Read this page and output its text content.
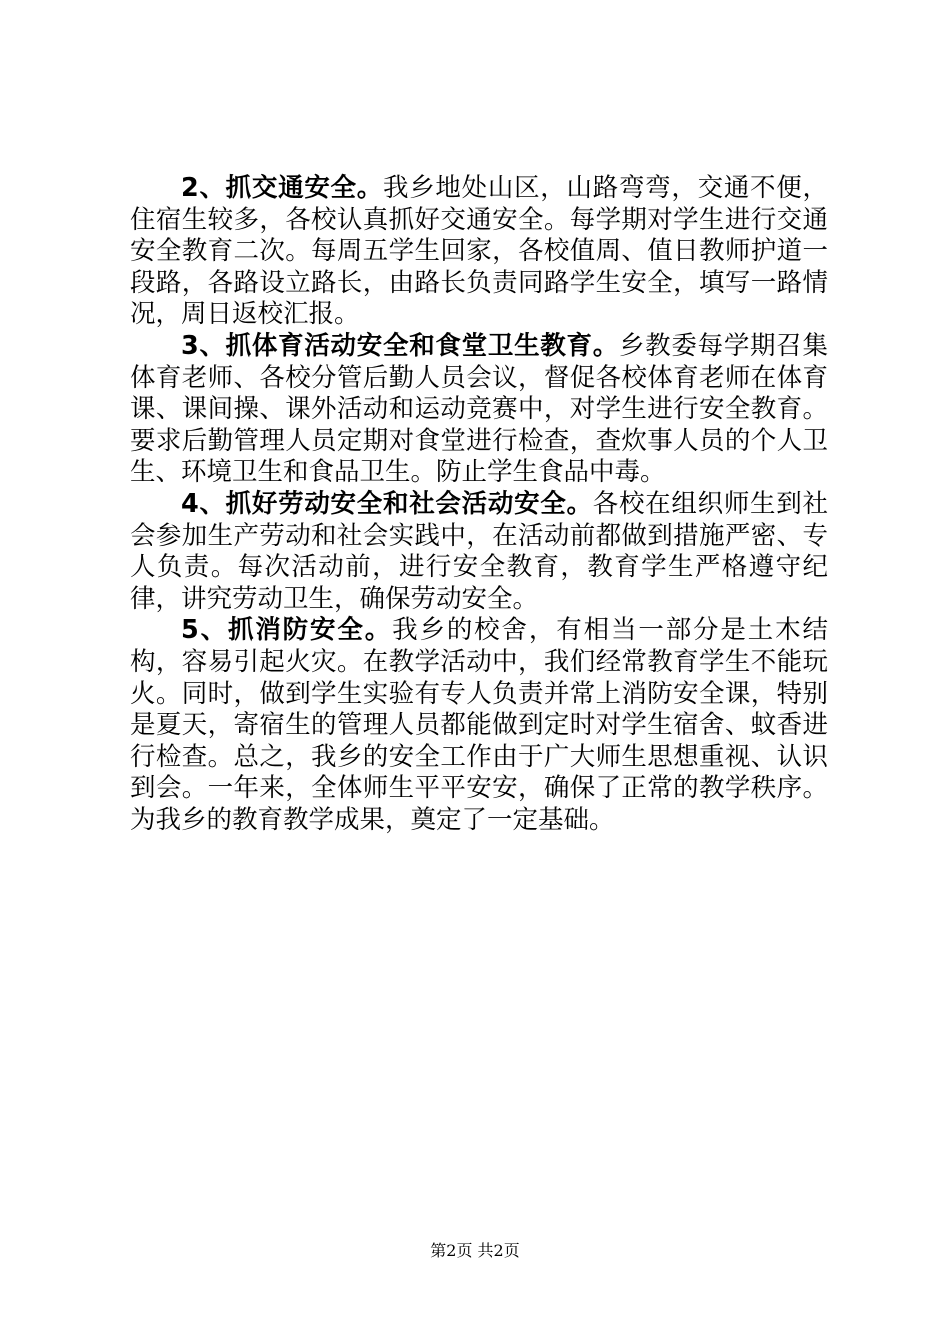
2、抓交通安全。我乡地处山区，山路弯弯，交通不便，住宿生较多，各校认真抓好交通安全。每学期对学生进行交通安全教育二次。每周五学生回家，各校值周、值日教师护道一段路，各路设立路长，由路长负责同路学生安全，填写一路情况，周日返校汇报。

3、抓体育活动安全和食堂卫生教育。乡教委每学期召集体育老师、各校分管后勤人员会议，督促各校体育老师在体育课、课间操、课外活动和运动竞赛中，对学生进行安全教育。要求后勤管理人员定期对食堂进行检查，查炊事人员的个人卫生、环境卫生和食品卫生。防止学生食品中毒。

4、抓好劳动安全和社会活动安全。各校在组织师生到社会参加生产劳动和社会实践中，在活动前都做到措施严密、专人负责。每次活动前，进行安全教育，教育学生严格遵守纪律，讲究劳动卫生，确保劳动安全。

5、抓消防安全。我乡的校舍，有相当一部分是土木结构，容易引起火灾。在教学活动中，我们经常教育学生不能玩火。同时，做到学生实验有专人负责并常上消防安全课，特别是夏天，寄宿生的管理人员都能做到定时对学生宿舍、蚊香进行检查。总之，我乡的安全工作由于广大师生思想重视、认识到会。一年来，全体师生平平安安，确保了正常的教学秩序。为我乡的教育教学成果，奠定了一定基础。

第2页 共2页
